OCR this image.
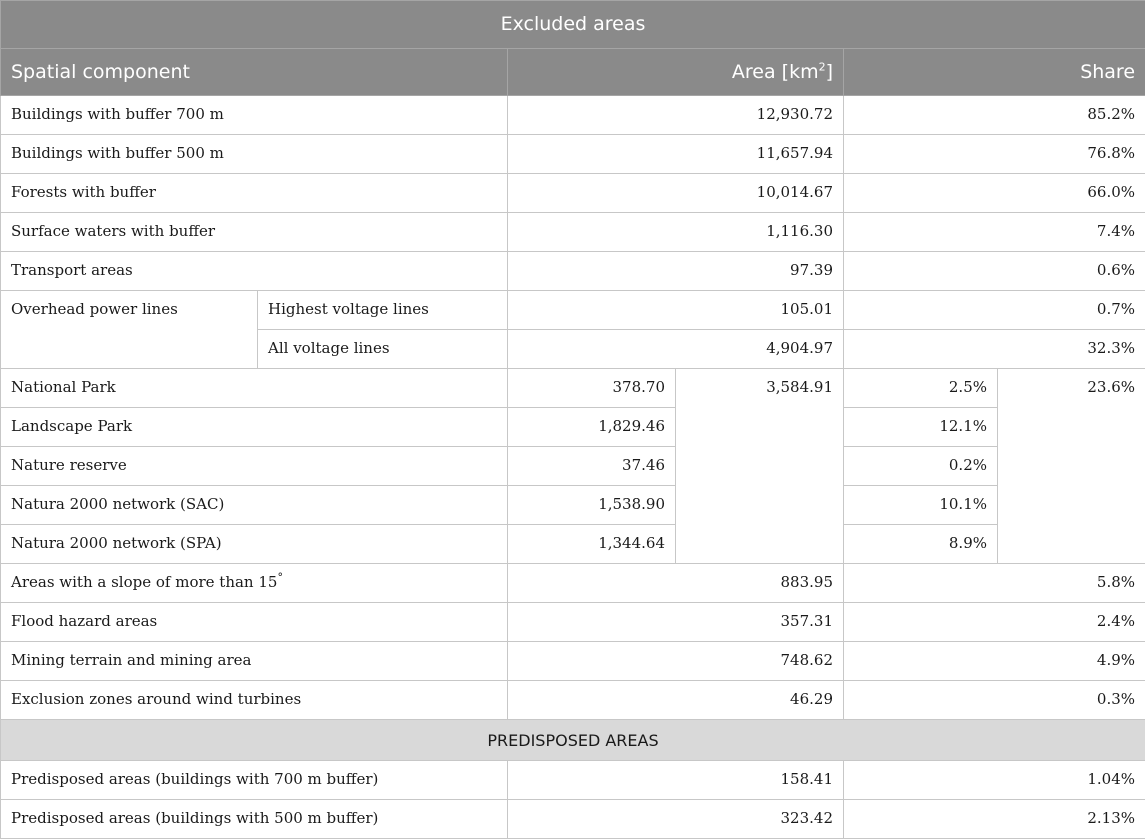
Excluded areas					
Spatial component		Area $[km^2]$		Share	
Buildings with buffer 700 m		12,930.72		85.2%	
Buildings with buffer 500 m		11,657.94		76.8%	
Forests with buffer		10,014.67		66.0%	
Surface waters with buffer		1,116.30		7.4%	
Transport areas		97.39		0.6%	
Overhead power lines	Highest voltage lines	105.01		0.7%	
	All voltage lines	4,904.97		32.3%	
National Park		378.70	3,584.91	2.5%	23.6%
Landscape Park		1,829.46		12.1%	
Nature reserve		37.46		0.2%	
Natura 2000 network (SAC)		1,538.90		10.1%	
Natura 2000 network (SPA)		1,344.64		8.9%	
Areas with a slope of more than 15°		883.95		5.8%	
Flood hazard areas		357.31		2.4%	
Mining terrain and mining area		748.62		4.9%	
Exclusion zones around wind turbines		46.29		0.3%	
PREDISPOSED AREAS					
Predisposed areas (buildings with 700 m buffer)		158.41		1.04%	
Predisposed areas (buildings with 500 m buffer)		323.42		2.13%	
